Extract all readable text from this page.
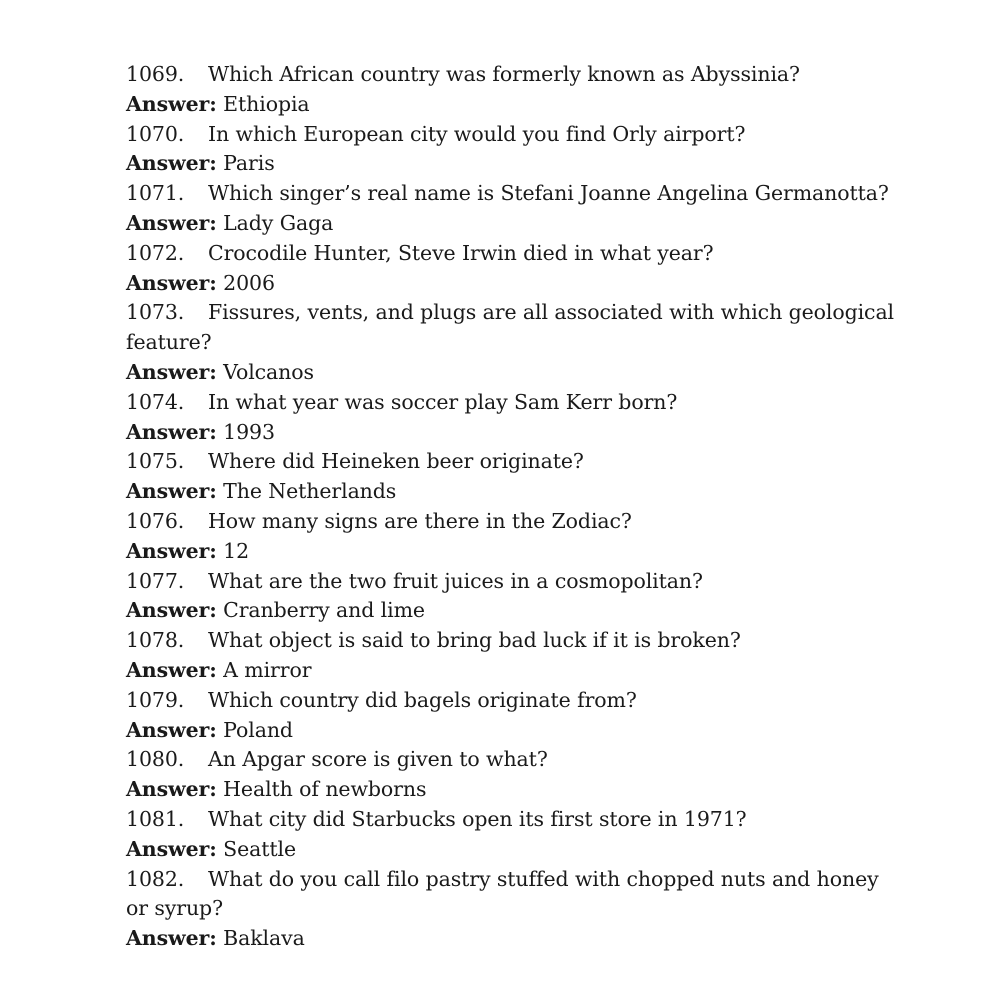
1069. Which African country was formerly known as Abyssinia?

Answer: Ethiopia

1070. In which European city would you find Orly airport?

Answer: Paris

1071. Which singer’s real name is Stefani Joanne Angelina Germanotta?

Answer: Lady Gaga

1072. Crocodile Hunter, Steve Irwin died in what year?

Answer: 2006

1073. Fissures, vents, and plugs are all associated with which geological feature?

Answer: Volcanos

1074. In what year was soccer play Sam Kerr born?

Answer: 1993

1075. Where did Heineken beer originate?

Answer: The Netherlands

1076. How many signs are there in the Zodiac?

Answer: 12

1077. What are the two fruit juices in a cosmopolitan?

Answer: Cranberry and lime

1078. What object is said to bring bad luck if it is broken?

Answer: A mirror

1079. Which country did bagels originate from?

Answer: Poland

1080. An Apgar score is given to what?

Answer: Health of newborns

1081. What city did Starbucks open its first store in 1971?

Answer: Seattle

1082. What do you call filo pastry stuffed with chopped nuts and honey or syrup?

Answer: Baklava
